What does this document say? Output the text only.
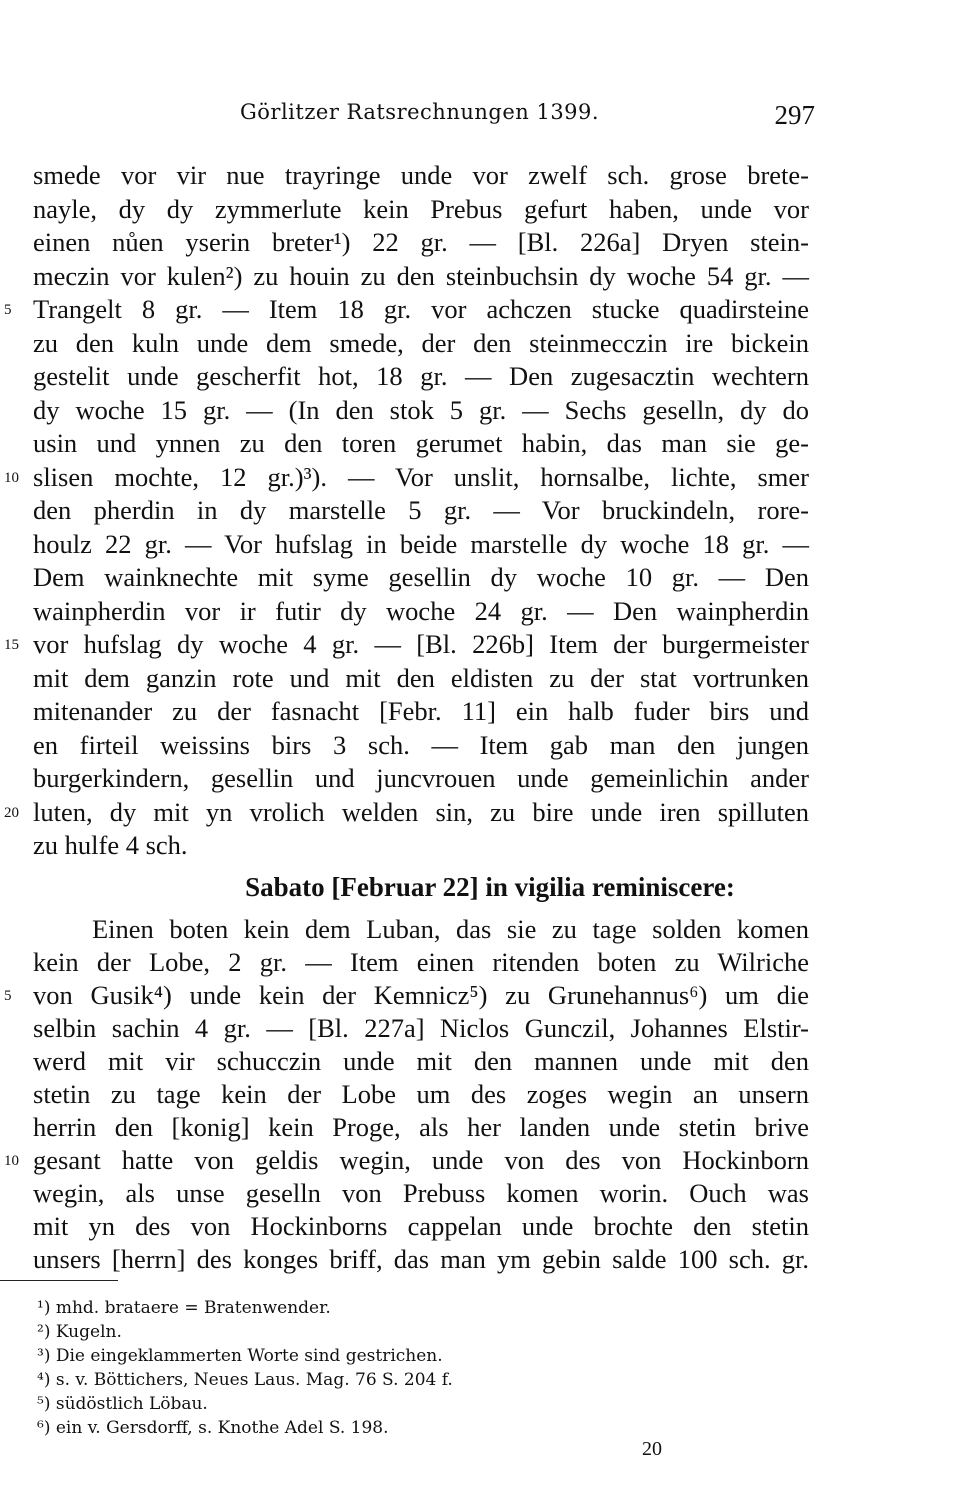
Görlitzer Ratsrechnungen 1399.	297
smede vor vir nue trayringe unde vor zwelf sch. grose brete-
nayle, dy dy zymmerlute kein Prebus gefurt haben, unde vor
einen nůen yserin breter¹) 22 gr. — [Bl. 226a] Dryen stein-
meczin vor kulen²) zu houin zu den steinbuchsin dy woche 54 gr. —
Trangelt 8 gr. — Item 18 gr. vor achczen stucke quadirsteine
zu den kuln unde dem smede, der den steinmecczin ire bickein
gestelit unde gescherfit hot, 18 gr. — Den zugesacztin wechtern
dy woche 15 gr. — (In den stok 5 gr. — Sechs geselln, dy do
usin und ynnen zu den toren gerumet habin, das man sie ge-
slisen mochte, 12 gr.)³). — Vor unslit, hornsalbe, lichte, smer
den pherdin in dy marstelle 5 gr. — Vor bruckindeln, rore-
houlz 22 gr. — Vor hufslag in beide marstelle dy woche 18 gr. —
Dem wainknechte mit syme gesellin dy woche 10 gr. — Den
wainpherdin vor ir futir dy woche 24 gr. — Den wainpherdin
vor hufslag dy woche 4 gr. — [Bl. 226b] Item der burgermeister
mit dem ganzin rote und mit den eldisten zu der stat vortrunken
mitenander zu der fasnacht [Febr. 11] ein halb fuder birs und
en firteil weissins birs 3 sch. — Item gab man den jungen
burgerkindern, gesellin und juncvrouen unde gemeinlichin ander
luten, dy mit yn vrolich welden sin, zu bire unde iren spilluten
zu hulfe 4 sch.
5
10
15
20
Sabato [Februar 22] in vigilia reminiscere:
Einen boten kein dem Luban, das sie zu tage solden komen
kein der Lobe, 2 gr. — Item einen ritenden boten zu Wilriche
von Gusik⁴) unde kein der Kemnicz⁵) zu Grunehannus⁶) um die
selbin sachin 4 gr. — [Bl. 227a] Niclos Gunczil, Johannes Elstir-
werd mit vir schucczin unde mit den mannen unde mit den
stetin zu tage kein der Lobe um des zoges wegin an unsern
herrin den [konig] kein Proge, als her landen unde stetin brive
gesant hatte von geldis wegin, unde von des von Hockinborn
wegin, als unse geselln von Prebuss komen worin. Ouch was
mit yn des von Hockinborns cappelan unde brochte den stetin
unsers [herrn] des konges briff, das man ym gebin salde 100 sch. gr.
5
10
¹) mhd. brataere = Bratenwender.
²) Kugeln.
³) Die eingeklammerten Worte sind gestrichen.
⁴) s. v. Böttichers, Neues Laus. Mag. 76 S. 204 f.
⁵) südöstlich Löbau.
⁶) ein v. Gersdorff, s. Knothe Adel S. 198.
20
